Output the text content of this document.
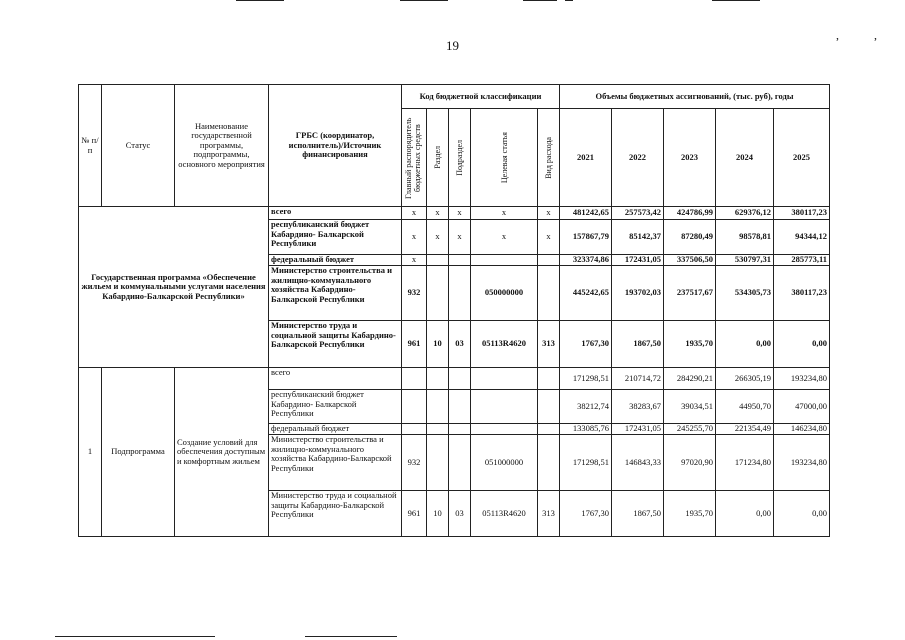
19
,	,
№ п/п	Статус	Наименование государственной программы, подпрограммы, основного мероприятия	ГРБС (координатор, исполнитель)/Источник финансирования	Код бюджетной классификации					Объемы бюджетных ассигнований, (тыс. руб), годы				

				Главный распорядитель бюджетных средств	Раздел	Подраздел	Целевая статья	Вид расхода	2021	2022	2023	2024	2025
Государственная программа «Обеспечение жильем и коммунальными услугами населения Кабардино-Балкарской Республики»			всего	х	х	х	х	х	481242,65	257573,42	424786,99	629376,12	380117,23
			республиканский бюджет Кабардино- Балкарской Республики	х	х	х	х	х	157867,79	85142,37	87280,49	98578,81	94344,12
			федеральный бюджет	х					323374,86	172431,05	337506,50	530797,31	285773,11
			Министерство строительства и жилищно-коммунального хозяйства Кабардино-Балкарской Республики	932			050000000		445242,65	193702,03	237517,67	534305,73	380117,23
			Министерство труда и социальной защиты Кабардино-Балкарской Республики	961	10	03	05113R4620	313	1767,30	1867,50	1935,70	0,00	0,00
1	Подпрограмма	Создание условий для обеспечения доступным и комфортным жильем	всего						171298,51	210714,72	284290,21	266305,19	193234,80
			республиканский бюджет Кабардино- Балкарской Республики						38212,74	38283,67	39034,51	44950,70	47000,00
			федеральный бюджет						133085,76	172431,05	245255,70	221354,49	146234,80
			Министерство строительства и жилищно-коммунального хозяйства Кабардино-Балкарской Республики	932			051000000		171298,51	146843,33	97020,90	171234,80	193234,80
			Министерство труда и социальной защиты Кабардино-Балкарской Республики	961	10	03	05113R4620	313	1767,30	1867,50	1935,70	0,00	0,00
